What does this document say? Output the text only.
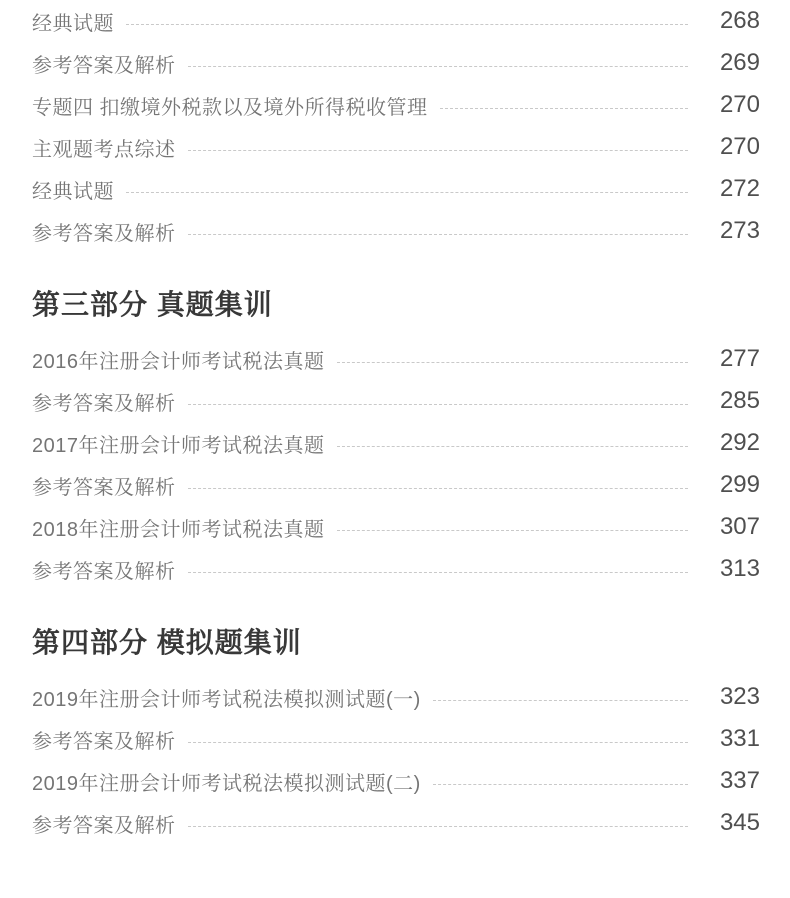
经典试题	268
参考答案及解析	269
专题四 扣缴境外税款以及境外所得税收管理	270
主观题考点综述	270
经典试题	272
参考答案及解析	273
第三部分 真题集训
2016年注册会计师考试税法真题	277
参考答案及解析	285
2017年注册会计师考试税法真题	292
参考答案及解析	299
2018年注册会计师考试税法真题	307
参考答案及解析	313
第四部分 模拟题集训
2019年注册会计师考试税法模拟测试题(一)	323
参考答案及解析	331
2019年注册会计师考试税法模拟测试题(二)	337
参考答案及解析	345
